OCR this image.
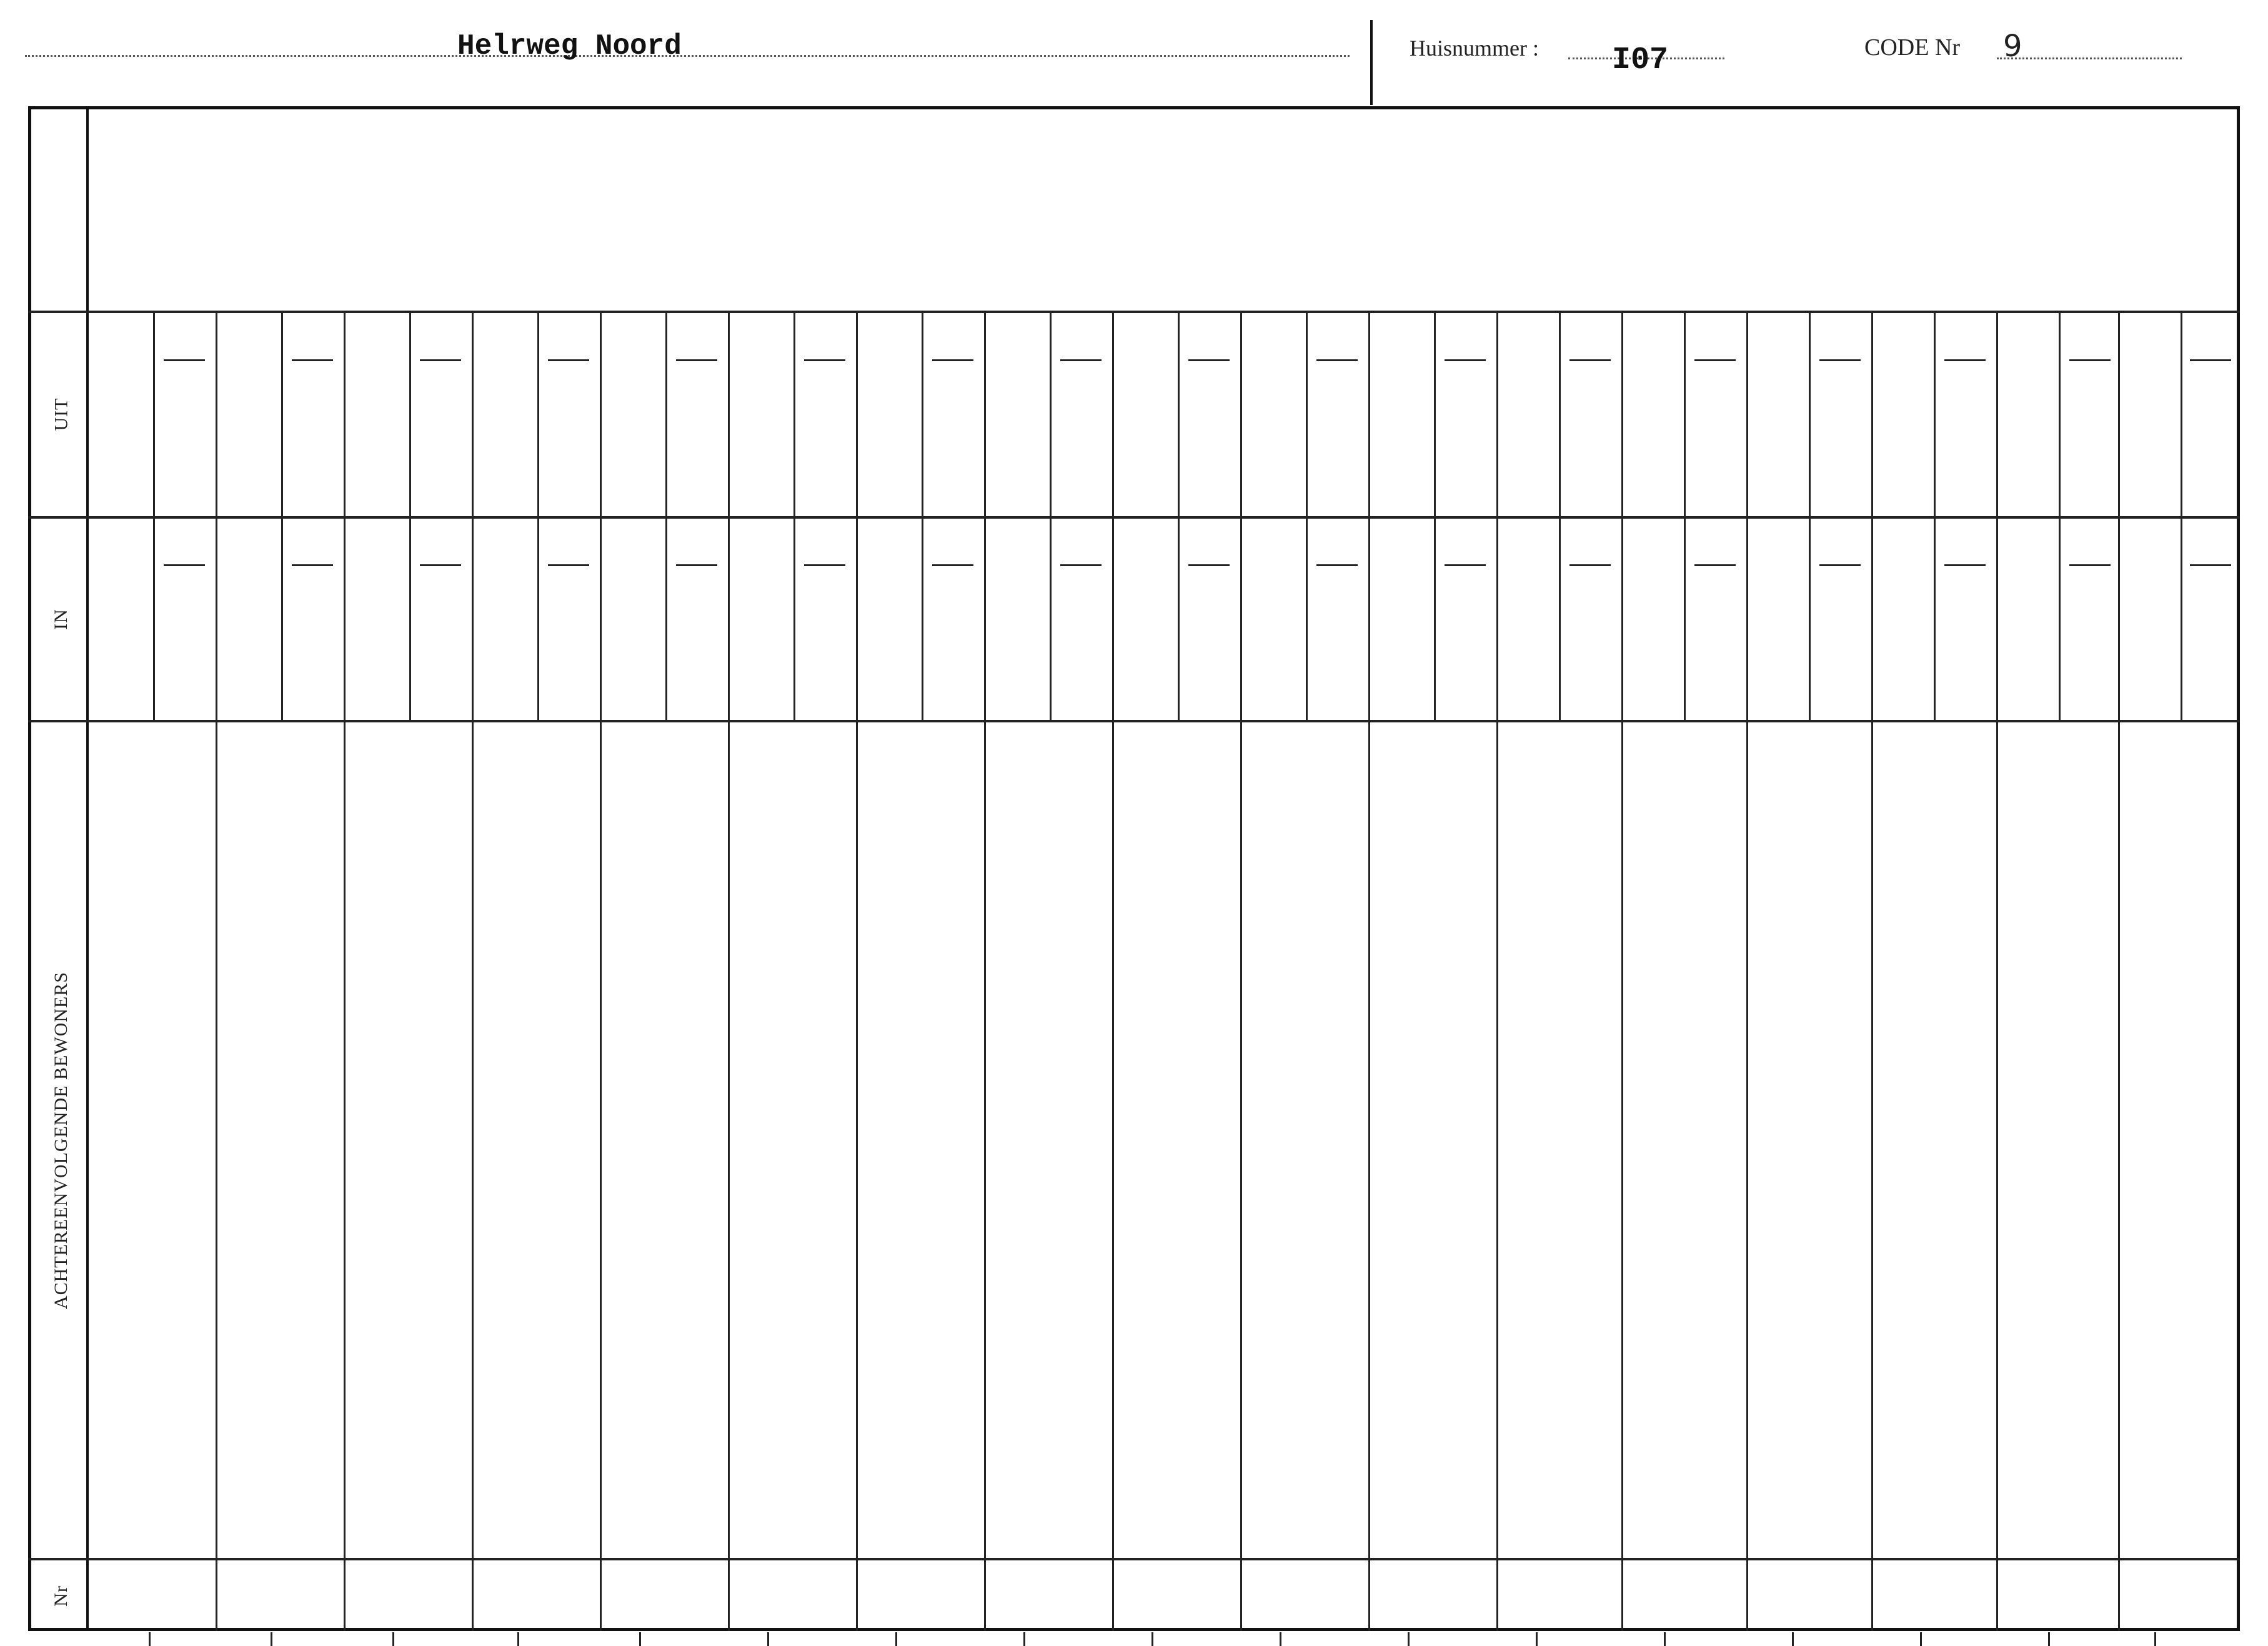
Helrweg Noord	Huisnummer : I07	CODE Nr 9
UIT
IN
ACHTEREENVOLGENDE BEWONERS
Nr
